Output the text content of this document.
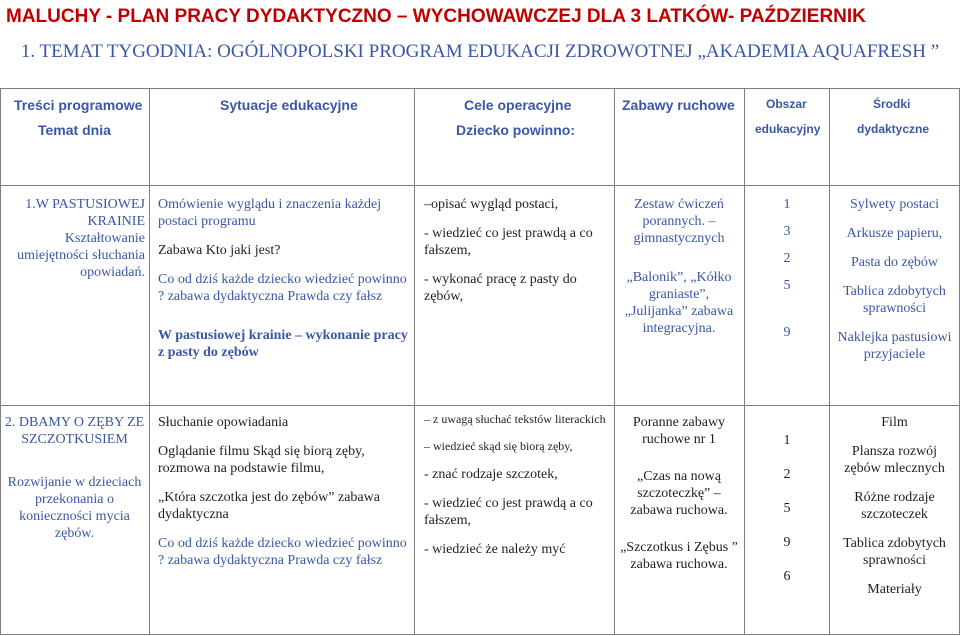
MALUCHY - PLAN PRACY DYDAKTYCZNO – WYCHOWAWCZEJ DLA 3 LATKÓW- PAŹDZIERNIK
1. TEMAT TYGODNIA: OGÓLNOPOLSKI PROGRAM EDUKACJI ZDROWOTNEJ „AKADEMIA AQUAFRESH ”
Treści programowe
Temat dnia
Sytuacje edukacyjne	Cele operacyjne
Dziecko powinno:
Zabawy ruchowe	Obszar
edukacyjny
Środki
dydaktyczne
1.W PASTUSIOWEJ KRAINIE
Kształtowanie umiejętności słuchania opowiadań.
Omówienie wyglądu i znaczenia każdej postaci programu
Zabawa Kto jaki jest?
Co od dziś każde dziecko wiedzieć powinno ? zabawa dydaktyczna Prawda czy fałsz
W pastusiowej krainie – wykonanie pracy z pasty do zębów
–opisać wygląd postaci,
- wiedzieć co jest prawdą a co fałszem,
- wykonać pracę z pasty do zębów,
Zestaw ćwiczeń porannych. – gimnastycznych
„Balonik”, „Kółko graniaste”, „Julijanka” zabawa integracyjna.
1
3
2
5
9
Sylwety postaci
Arkusze papieru,
Pasta do zębów
Tablica zdobytych sprawności
Naklejka pastusiowi przyjaciele
2. DBAMY O ZĘBY ZE SZCZOTKUSIEM
Rozwijanie w dzieciach przekonania o konieczności mycia zębów.
Słuchanie opowiadania
Oglądanie filmu Skąd się biorą zęby, rozmowa na podstawie filmu,
„Która szczotka jest do zębów” zabawa dydaktyczna
Co od dziś każde dziecko wiedzieć powinno ? zabawa dydaktyczna Prawda czy fałsz
– z uwagą słuchać tekstów literackich
– wiedzieć skąd się biorą zęby,
- znać rodzaje szczotek,
- wiedzieć co jest prawdą a co fałszem,
- wiedzieć że należy myć
Poranne zabawy ruchowe nr 1
„Czas na nową szczoteczkę” – zabawa ruchowa.
„Szczotkus i Zębus ” zabawa ruchowa.
1
2
5
9
6
Film
Plansza rozwój zębów mlecznych
Różne rodzaje szczoteczek
Tablica zdobytych sprawności
Materiały
